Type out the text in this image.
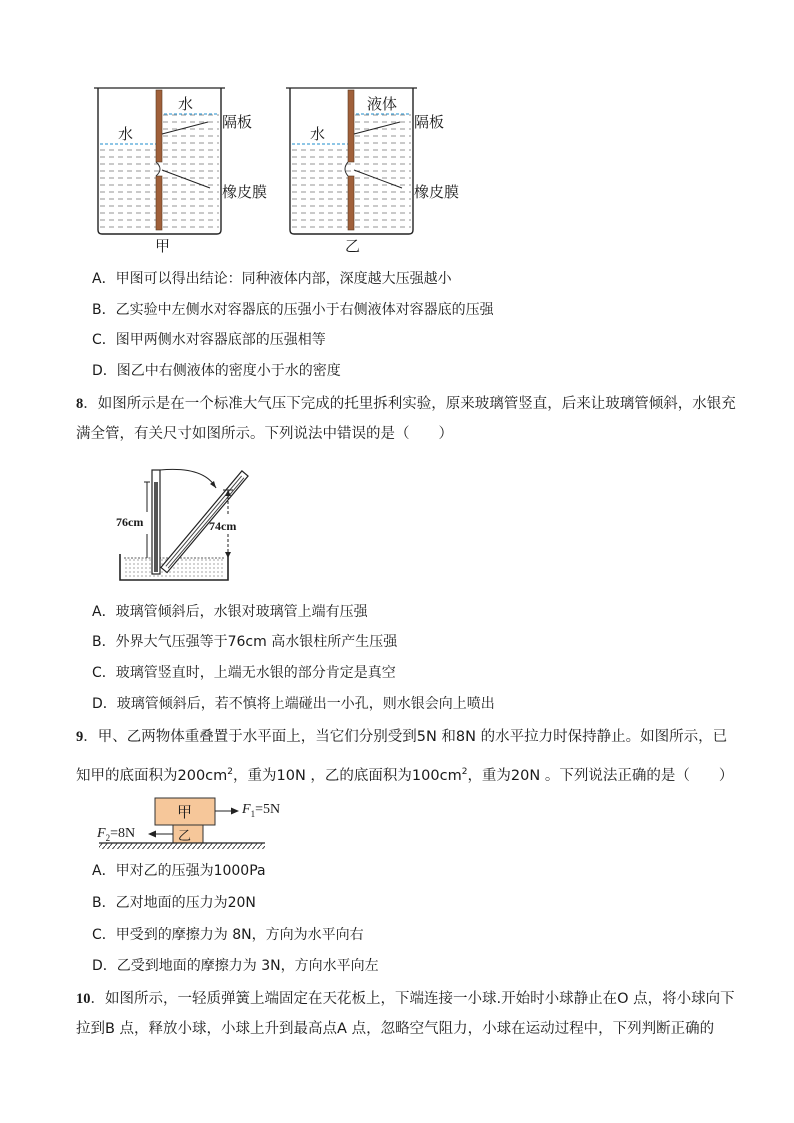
水
水
隔板
橡皮膜
甲
液体
水
隔板
橡皮膜
乙
A．甲图可以得出结论：同种液体内部，深度越大压强越小
B．乙实验中左侧水对容器底的压强小于右侧液体对容器底的压强
C．图甲两侧水对容器底部的压强相等
D．图乙中右侧液体的密度小于水的密度
8．如图所示是在一个标准大气压下完成的托里拆利实验，原来玻璃管竖直，后来让玻璃管倾斜，水银充满全管，有关尺寸如图所示。下列说法中错误的是（　　）
76cm	74cm
A．玻璃管倾斜后，水银对玻璃管上端有压强
B．外界大气压强等于76cm 高水银柱所产生压强
C．玻璃管竖直时，上端无水银的部分肯定是真空
D．玻璃管倾斜后，若不慎将上端碰出一小孔，则水银会向上喷出
9．甲、乙两物体重叠置于水平面上，当它们分别受到5N 和8N 的水平拉力时保持静止。如图所示，已
知甲的底面积为$200cm^2$，重为10N ，乙的底面积为$100cm^2$，重为20N 。下列说法正确的是（　　）
甲
乙
$F_1=5N$
$F_2=8N$
A．甲对乙的压强为1000Pa
B．乙对地面的压力为20N
C．甲受到的摩擦力为 8N，方向为水平向右
D．乙受到地面的摩擦力为 3N，方向水平向左
10．如图所示，一轻质弹簧上端固定在天花板上，下端连接一小球.开始时小球静止在O 点，将小球向下拉到B 点，释放小球，小球上升到最高点A 点，忽略空气阻力，小球在运动过程中，下列判断正确的
